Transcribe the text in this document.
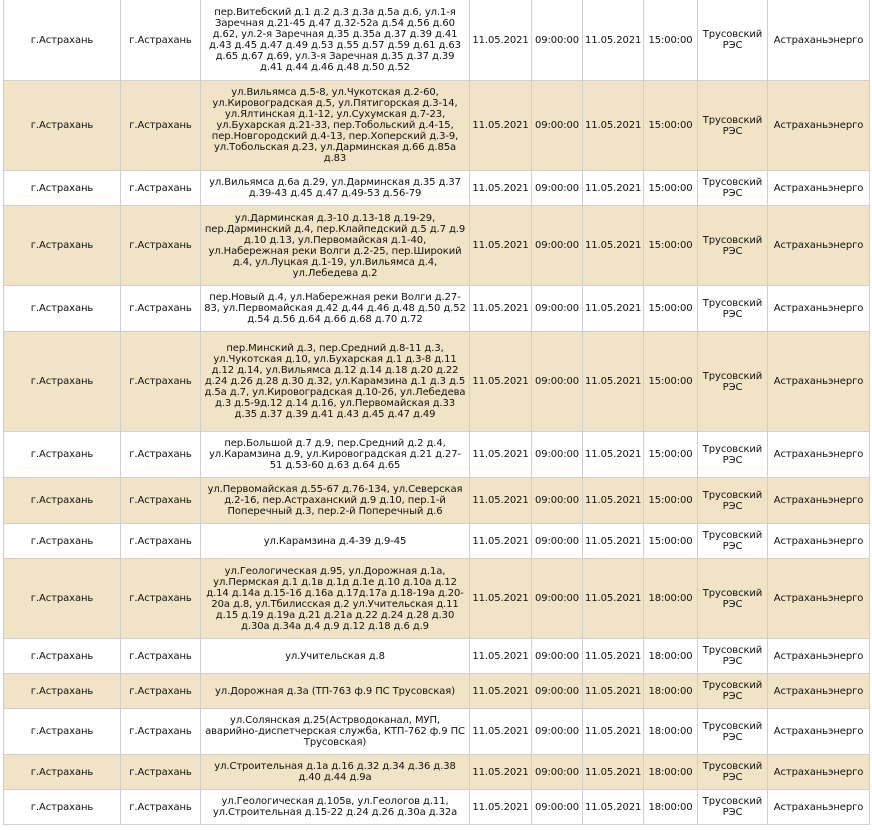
г.Астрахань	г.Астрахань	пер.Витебский д.1 д.2 д.3 д.3а д.5а д.6, ул.1-я Заречная д.21-45 д.47 д.32-52а д.54 д.56 д.60 д.62, ул.2-я Заречная д.35 д.35а д.37 д.39 д.41 д.43 д.45 д.47 д.49 д.53 д.55 д.57 д.59 д.61 д.63 д.65 д.67 д.69, ул.3-я Заречная д.35 д.37 д.39 д.41 д.44 д.46 д.48 д.50 д.52	11.05.2021	09:00:00	11.05.2021	15:00:00	Трусовский РЭС	Астраханьэнерго
г.Астрахань	г.Астрахань	ул.Вильямса д.5-8, ул.Чукотская д.2-60, ул.Кировоградская д.5, ул.Пятигорская д.3-14, ул.Ялтинская д.1-12, ул.Сухумская д.7-23, ул.Бухарская д.21-33, пер.Тобольский д.4-15, пер.Новгородский д.4-13, пер.Хоперский д.3-9, ул.Тобольская д.23, ул.Дарминская д.66 д.85а д.83	11.05.2021	09:00:00	11.05.2021	15:00:00	Трусовский РЭС	Астраханьэнерго
г.Астрахань	г.Астрахань	ул.Вильямса д.6а д.29, ул.Дарминская д.35 д.37 д.39-43 д.45 д.47 д.49-53 д.56-79	11.05.2021	09:00:00	11.05.2021	15:00:00	Трусовский РЭС	Астраханьэнерго
г.Астрахань	г.Астрахань	ул.Дарминская д.3-10 д.13-18 д.19-29, пер.Дарминский д.4, пер.Клайпедский д.5 д.7 д.9 д.10 д.13, ул.Первомайская д.1-40, ул.Набережная реки Волги д.2-25, пер.Широкий д.4, ул.Луцкая д.1-19, ул.Вильямса д.4, ул.Лебедева д.2	11.05.2021	09:00:00	11.05.2021	15:00:00	Трусовский РЭС	Астраханьэнерго
г.Астрахань	г.Астрахань	пер.Новый д.4, ул.Набережная реки Волги д.27-83, ул.Первомайская д.42 д.44 д.46 д.48 д.50 д.52 д.54 д.56 д.64 д.66 д.68 д.70 д.72	11.05.2021	09:00:00	11.05.2021	15:00:00	Трусовский РЭС	Астраханьэнерго
г.Астрахань	г.Астрахань	пер.Минский д.3, пер.Средний д.8-11 д.3, ул.Чукотская д.10, ул.Бухарская д.1 д.3-8 д.11 д.12 д.14, ул.Вильямса д.12 д.14 д.18 д.20 д.22 д.24 д.26 д.28 д.30 д.32, ул.Карамзина д.1 д.3 д.5 д.5а д.7, ул.Кировоградская д.10-26, ул.Лебедева д.3 д.5-9д.12 д.14 д.16, ул.Первомайская д.33 д.35 д.37 д.39 д.41 д.43 д.45 д.47 д.49	11.05.2021	09:00:00	11.05.2021	15:00:00	Трусовский РЭС	Астраханьэнерго
г.Астрахань	г.Астрахань	пер.Большой д.7 д.9, пер.Средний д.2 д.4, ул.Карамзина д.9, ул.Кировоградская д.21 д.27-51 д.53-60 д.63 д.64 д.65	11.05.2021	09:00:00	11.05.2021	15:00:00	Трусовский РЭС	Астраханьэнерго
г.Астрахань	г.Астрахань	ул.Первомайская д.55-67 д.76-134, ул.Северская д.2-16, пер.Астраханский д.9 д.10, пер.1-й Поперечный д.3, пер.2-й Поперечный д.6	11.05.2021	09:00:00	11.05.2021	15:00:00	Трусовский РЭС	Астраханьэнерго
г.Астрахань	г.Астрахань	ул.Карамзина д.4-39 д.9-45	11.05.2021	09:00:00	11.05.2021	15:00:00	Трусовский РЭС	Астраханьэнерго
г.Астрахань	г.Астрахань	ул.Геологическая д.95, ул.Дорожная д.1а, ул.Пермская д.1 д.1в д.1д д.1е д.10 д.10а д.12 д.14 д.14а д.15-16 д.16а д.17д.17а д.18-19а д.20-20а д.8, ул.Тбилисская д.2 ул.Учительская д.11 д.15 д.19 д.19а д.21 д.21а д.22 д.24 д.28 д.30 д.30а д.34а д.4 д.9 д.12 д.18 д.6 д.9	11.05.2021	09:00:00	11.05.2021	18:00:00	Трусовский РЭС	Астраханьэнерго
г.Астрахань	г.Астрахань	ул.Учительская д.8	11.05.2021	09:00:00	11.05.2021	18:00:00	Трусовский РЭС	Астраханьэнерго
г.Астрахань	г.Астрахань	ул.Дорожная д.3а (ТП-763 ф.9 ПС Трусовская)	11.05.2021	09:00:00	11.05.2021	18:00:00	Трусовский РЭС	Астраханьэнерго
г.Астрахань	г.Астрахань	ул.Солянская д.25(Астрводоканал, МУП, аварийно-диспетчерская служба, КТП-762 ф.9 ПС Трусовская)	11.05.2021	09:00:00	11.05.2021	18:00:00	Трусовский РЭС	Астраханьэнерго
г.Астрахань	г.Астрахань	ул.Строительная д.1а д.16 д.32 д.34 д.36 д.38 д.40 д.44 д.9а	11.05.2021	09:00:00	11.05.2021	18:00:00	Трусовский РЭС	Астраханьэнерго
г.Астрахань	г.Астрахань	ул.Геологическая д.105в, ул.Геологов д.11, ул.Строительная д.15-22 д.24 д.26 д.30а д.32а	11.05.2021	09:00:00	11.05.2021	18:00:00	Трусовский РЭС	Астраханьэнерго
